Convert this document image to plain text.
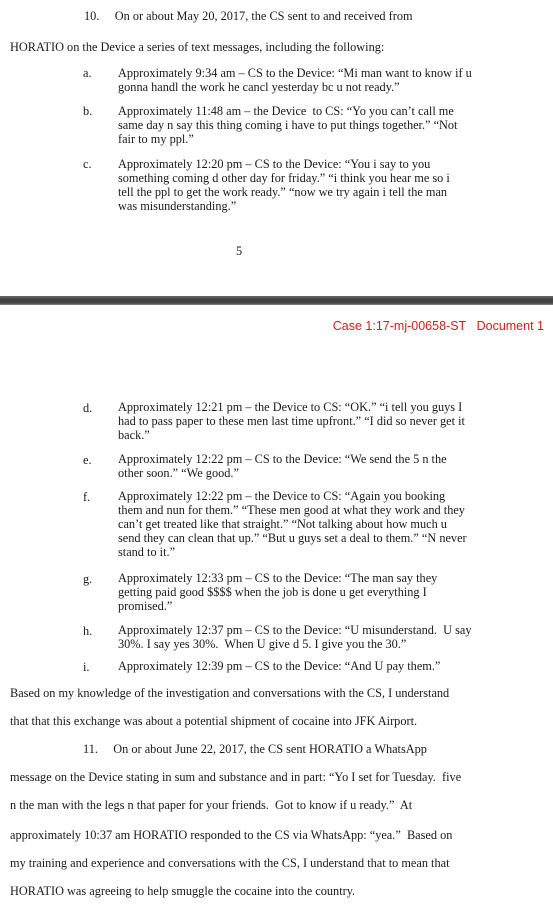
10.     On or about May 20, 2017, the CS sent to and received from
HORATIO on the Device a series of text messages, including the following:
a. Approximately 9:34 am – CS to the Device: “Mi man want to know if u
gonna handl the work he cancl yesterday bc u not ready.”
b. Approximately 11:48 am – the Device  to CS: “Yo you can’t call me
same day n say this thing coming i have to put things together.” “Not
fair to my ppl.”
c. Approximately 12:20 pm – CS to the Device: “You i say to you
something coming d other day for friday.” “i think you hear me so i
tell the ppl to get the work ready.” “now we try again i tell the man
was misunderstanding.”
5
Case 1:17-mj-00658-ST   Document 1
d. Approximately 12:21 pm – the Device to CS: “OK.” “i tell you guys I
had to pass paper to these men last time upfront.” “I did so never get it
back.”
e. Approximately 12:22 pm – CS to the Device: “We send the 5 n the
other soon.” “We good.”
f. Approximately 12:22 pm – the Device to CS: “Again you booking
them and nun for them.” “These men good at what they work and they
can’t get treated like that straight.” “Not talking about how much u
send they can clean that up.” “But u guys set a deal to them.” “N never
stand to it.”
g. Approximately 12:33 pm – CS to the Device: “The man say they
getting paid good $$$$ when the job is done u get everything I
promised.”
h. Approximately 12:37 pm – CS to the Device: “U misunderstand.  U say
30%. I say yes 30%.  When U give d 5. I give you the 30.”
i. Approximately 12:39 pm – CS to the Device: “And U pay them.”
Based on my knowledge of the investigation and conversations with the CS, I understand
that that this exchange was about a potential shipment of cocaine into JFK Airport.
11.     On or about June 22, 2017, the CS sent HORATIO a WhatsApp
message on the Device stating in sum and substance and in part: “Yo I set for Tuesday.  five
n the man with the legs n that paper for your friends.  Got to know if u ready.”  At
approximately 10:37 am HORATIO responded to the CS via WhatsApp: “yea.”  Based on
my training and experience and conversations with the CS, I understand that to mean that
HORATIO was agreeing to help smuggle the cocaine into the country.
